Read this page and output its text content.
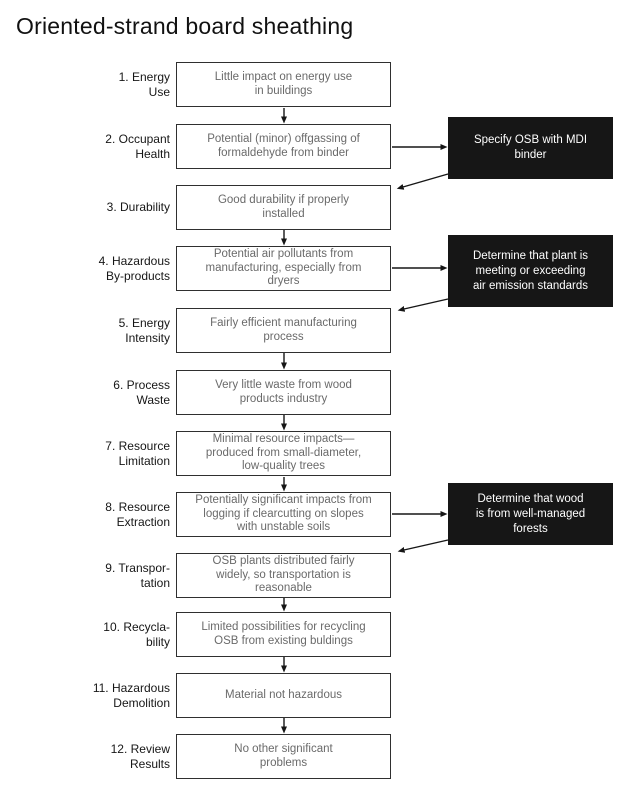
Oriented-strand board sheathing
1. Energy
Use
Little impact on energy use
in buildings
2. Occupant
Health
Potential (minor) offgassing of
formaldehyde from binder
3. Durability
Good durability if properly
installed
4. Hazardous
By-products
Potential air pollutants from
manufacturing, especially from
dryers
5. Energy
Intensity
Fairly efficient manufacturing
process
6. Process
Waste
Very little waste from wood
products industry
7. Resource
Limitation
Minimal resource impacts—
produced from small-diameter,
low-quality trees
8. Resource
Extraction
Potentially significant impacts from
logging if clearcutting on slopes
with unstable soils
9. Transpor-
tation
OSB plants distributed fairly
widely, so transportation is
reasonable
10. Recycla-
bility
Limited possibilities for recycling
OSB from existing buldings
11. Hazardous
Demolition
Material not hazardous
12. Review
Results
No other significant
problems
Specify OSB with MDI
binder
Determine that plant is
meeting or exceeding
air emission standards
Determine that wood
is from well-managed
forests
